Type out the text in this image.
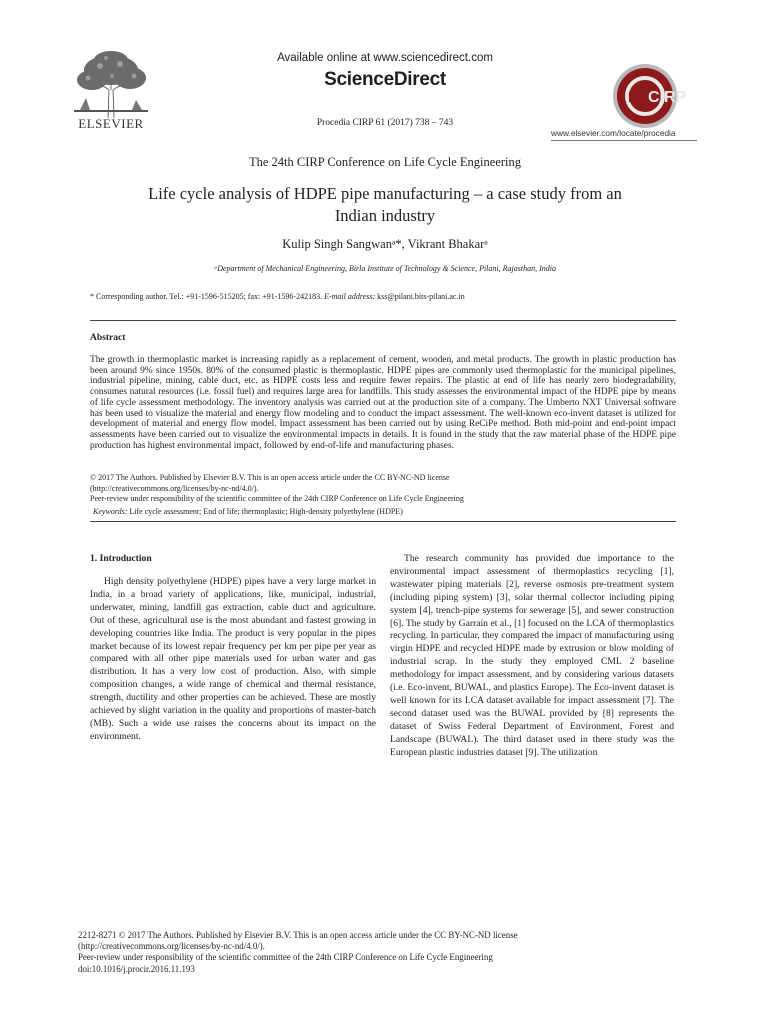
ELSEVIER
Available online at www.sciencedirect.com
ScienceDirect
Procedia CIRP 61 (2017) 738 – 743
CIRP
www.elsevier.com/locate/procedia
The 24th CIRP Conference on Life Cycle Engineering
Life cycle analysis of HDPE pipe manufacturing – a case study from an
Indian industry
Kulip Singh Sangwanᵃ*, Vikrant Bhakarᵃ
ᵃDepartment of Mechanical Engineering, Birla Institute of Technology & Science, Pilani, Rajasthan, India
* Corresponding author. Tel.: +91-1596-515205; fax: +91-1596-242183. E-mail address: kss@pilani.bits-pilani.ac.in
Abstract
The growth in thermoplastic market is increasing rapidly as a replacement of cement, wooden, and metal products. The growth in plastic production has been around 9% since 1950s. 80% of the consumed plastic is thermoplastic. HDPE pipes are commonly used thermoplastic for the municipal pipelines, industrial pipeline, mining, cable duct, etc. as HDPE costs less and require fewer repairs. The plastic at end of life has nearly zero biodegradability, consumes natural resources (i.e. fossil fuel) and requires large area for landfills. This study assesses the environmental impact of the HDPE pipe by means of life cycle assessment methodology. The inventory analysis was carried out at the production site of a company. The Umberto NXT Universal software has been used to visualize the material and energy flow modeling and to conduct the impact assessment. The well-known eco-invent dataset is utilized for development of material and energy flow model. Impact assessment has been carried out by using ReCiPe method. Both mid-point and end-point impact assessments have been carried out to visualize the environmental impacts in details. It is found in the study that the raw material phase of the HDPE pipe production has highest environmental impact, followed by end-of-life and manufacturing phases.
© 2017 The Authors. Published by Elsevier B.V. This is an open access article under the CC BY-NC-ND license
(http://creativecommons.org/licenses/by-nc-nd/4.0/).
Peer-review under responsibility of the scientific committee of the 24th CIRP Conference on Life Cycle Engineering
Keywords: Life cycle assessment; End of life; thermoplastic; High-density polyethylene (HDPE)
1. Introduction
High density polyethylene (HDPE) pipes have a very large market in India, in a broad variety of applications, like, municipal, industrial, underwater, mining, landfill gas extraction, cable duct and agriculture. Out of these, agricultural use is the most abundant and fastest growing in developing countries like India. The product is very popular in the pipes market because of its lowest repair frequency per km per pipe per year as compared with all other pipe materials used for urban water and gas distribution. It has a very low cost of production. Also, with simple composition changes, a wide range of chemical and thermal resistance, strength, ductility and other properties can be achieved. These are mostly achieved by slight variation in the quality and proportions of master-batch (MB). Such a wide use raises the concerns about its impact on the environment.
The research community has provided due importance to the environmental impact assessment of thermoplastics recycling [1], wastewater piping materials [2], reverse osmosis pre-treatment system (including piping system) [3], solar thermal collector including piping system [4], trench-pipe systems for sewerage [5], and sewer construction [6]. The study by Garraín et al., [1] focused on the LCA of thermoplastics recycling. In particular, they compared the impact of manufacturing using virgin HDPE and recycled HDPE made by extrusion or blow molding of industrial scrap. In the study they employed CML 2 baseline methodology for impact assessment, and by considering various datasets (i.e. Eco-invent, BUWAL, and plastics Europe). The Eco-invent dataset is well known for its LCA dataset available for impact assessment [7]. The second dataset used was the BUWAL provided by [8] represents the dataset of Swiss Federal Department of Environment, Forest and Landscape (BUWAL). The third dataset used in there study was the European plastic industries dataset [9]. The utilization
2212-8271 © 2017 The Authors. Published by Elsevier B.V. This is an open access article under the CC BY-NC-ND license
(http://creativecommons.org/licenses/by-nc-nd/4.0/).
Peer-review under responsibility of the scientific committee of the 24th CIRP Conference on Life Cycle Engineering
doi:10.1016/j.procir.2016.11.193
